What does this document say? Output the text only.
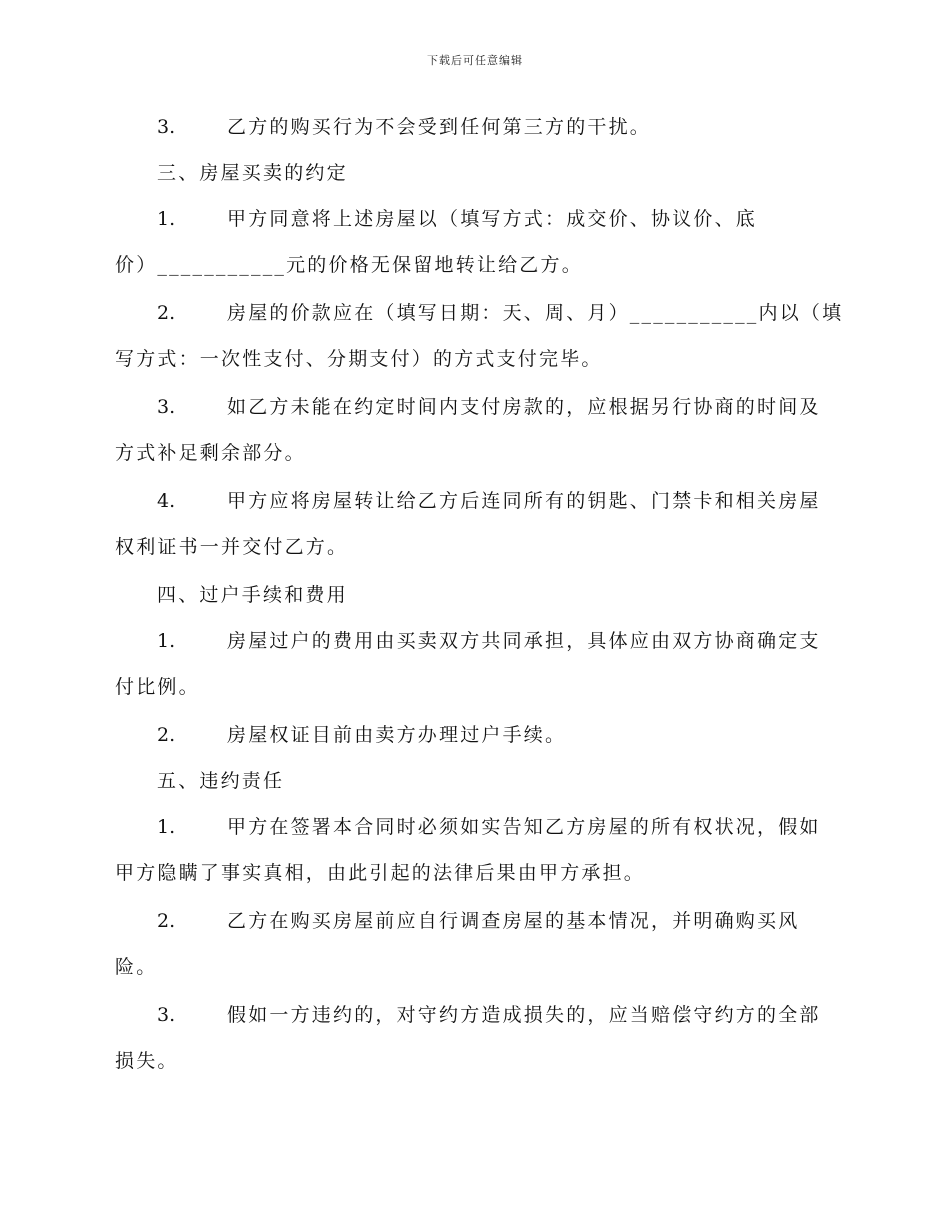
下载后可任意编辑
3.	乙方的购买行为不会受到任何第三方的干扰。
三、房屋买卖的约定
1.	甲方同意将上述房屋以（填写方式：成交价、协议价、底
价）___________元的价格无保留地转让给乙方。
2.	房屋的价款应在（填写日期：天、周、月）___________内以（填
写方式：一次性支付、分期支付）的方式支付完毕。
3.	如乙方未能在约定时间内支付房款的，应根据另行协商的时间及
方式补足剩余部分。
4.	甲方应将房屋转让给乙方后连同所有的钥匙、门禁卡和相关房屋
权利证书一并交付乙方。
四、过户手续和费用
1.	房屋过户的费用由买卖双方共同承担，具体应由双方协商确定支
付比例。
2.	房屋权证目前由卖方办理过户手续。
五、违约责任
1.	甲方在签署本合同时必须如实告知乙方房屋的所有权状况，假如
甲方隐瞒了事实真相，由此引起的法律后果由甲方承担。
2.	乙方在购买房屋前应自行调查房屋的基本情况，并明确购买风
险。
3.	假如一方违约的，对守约方造成损失的，应当赔偿守约方的全部
损失。
